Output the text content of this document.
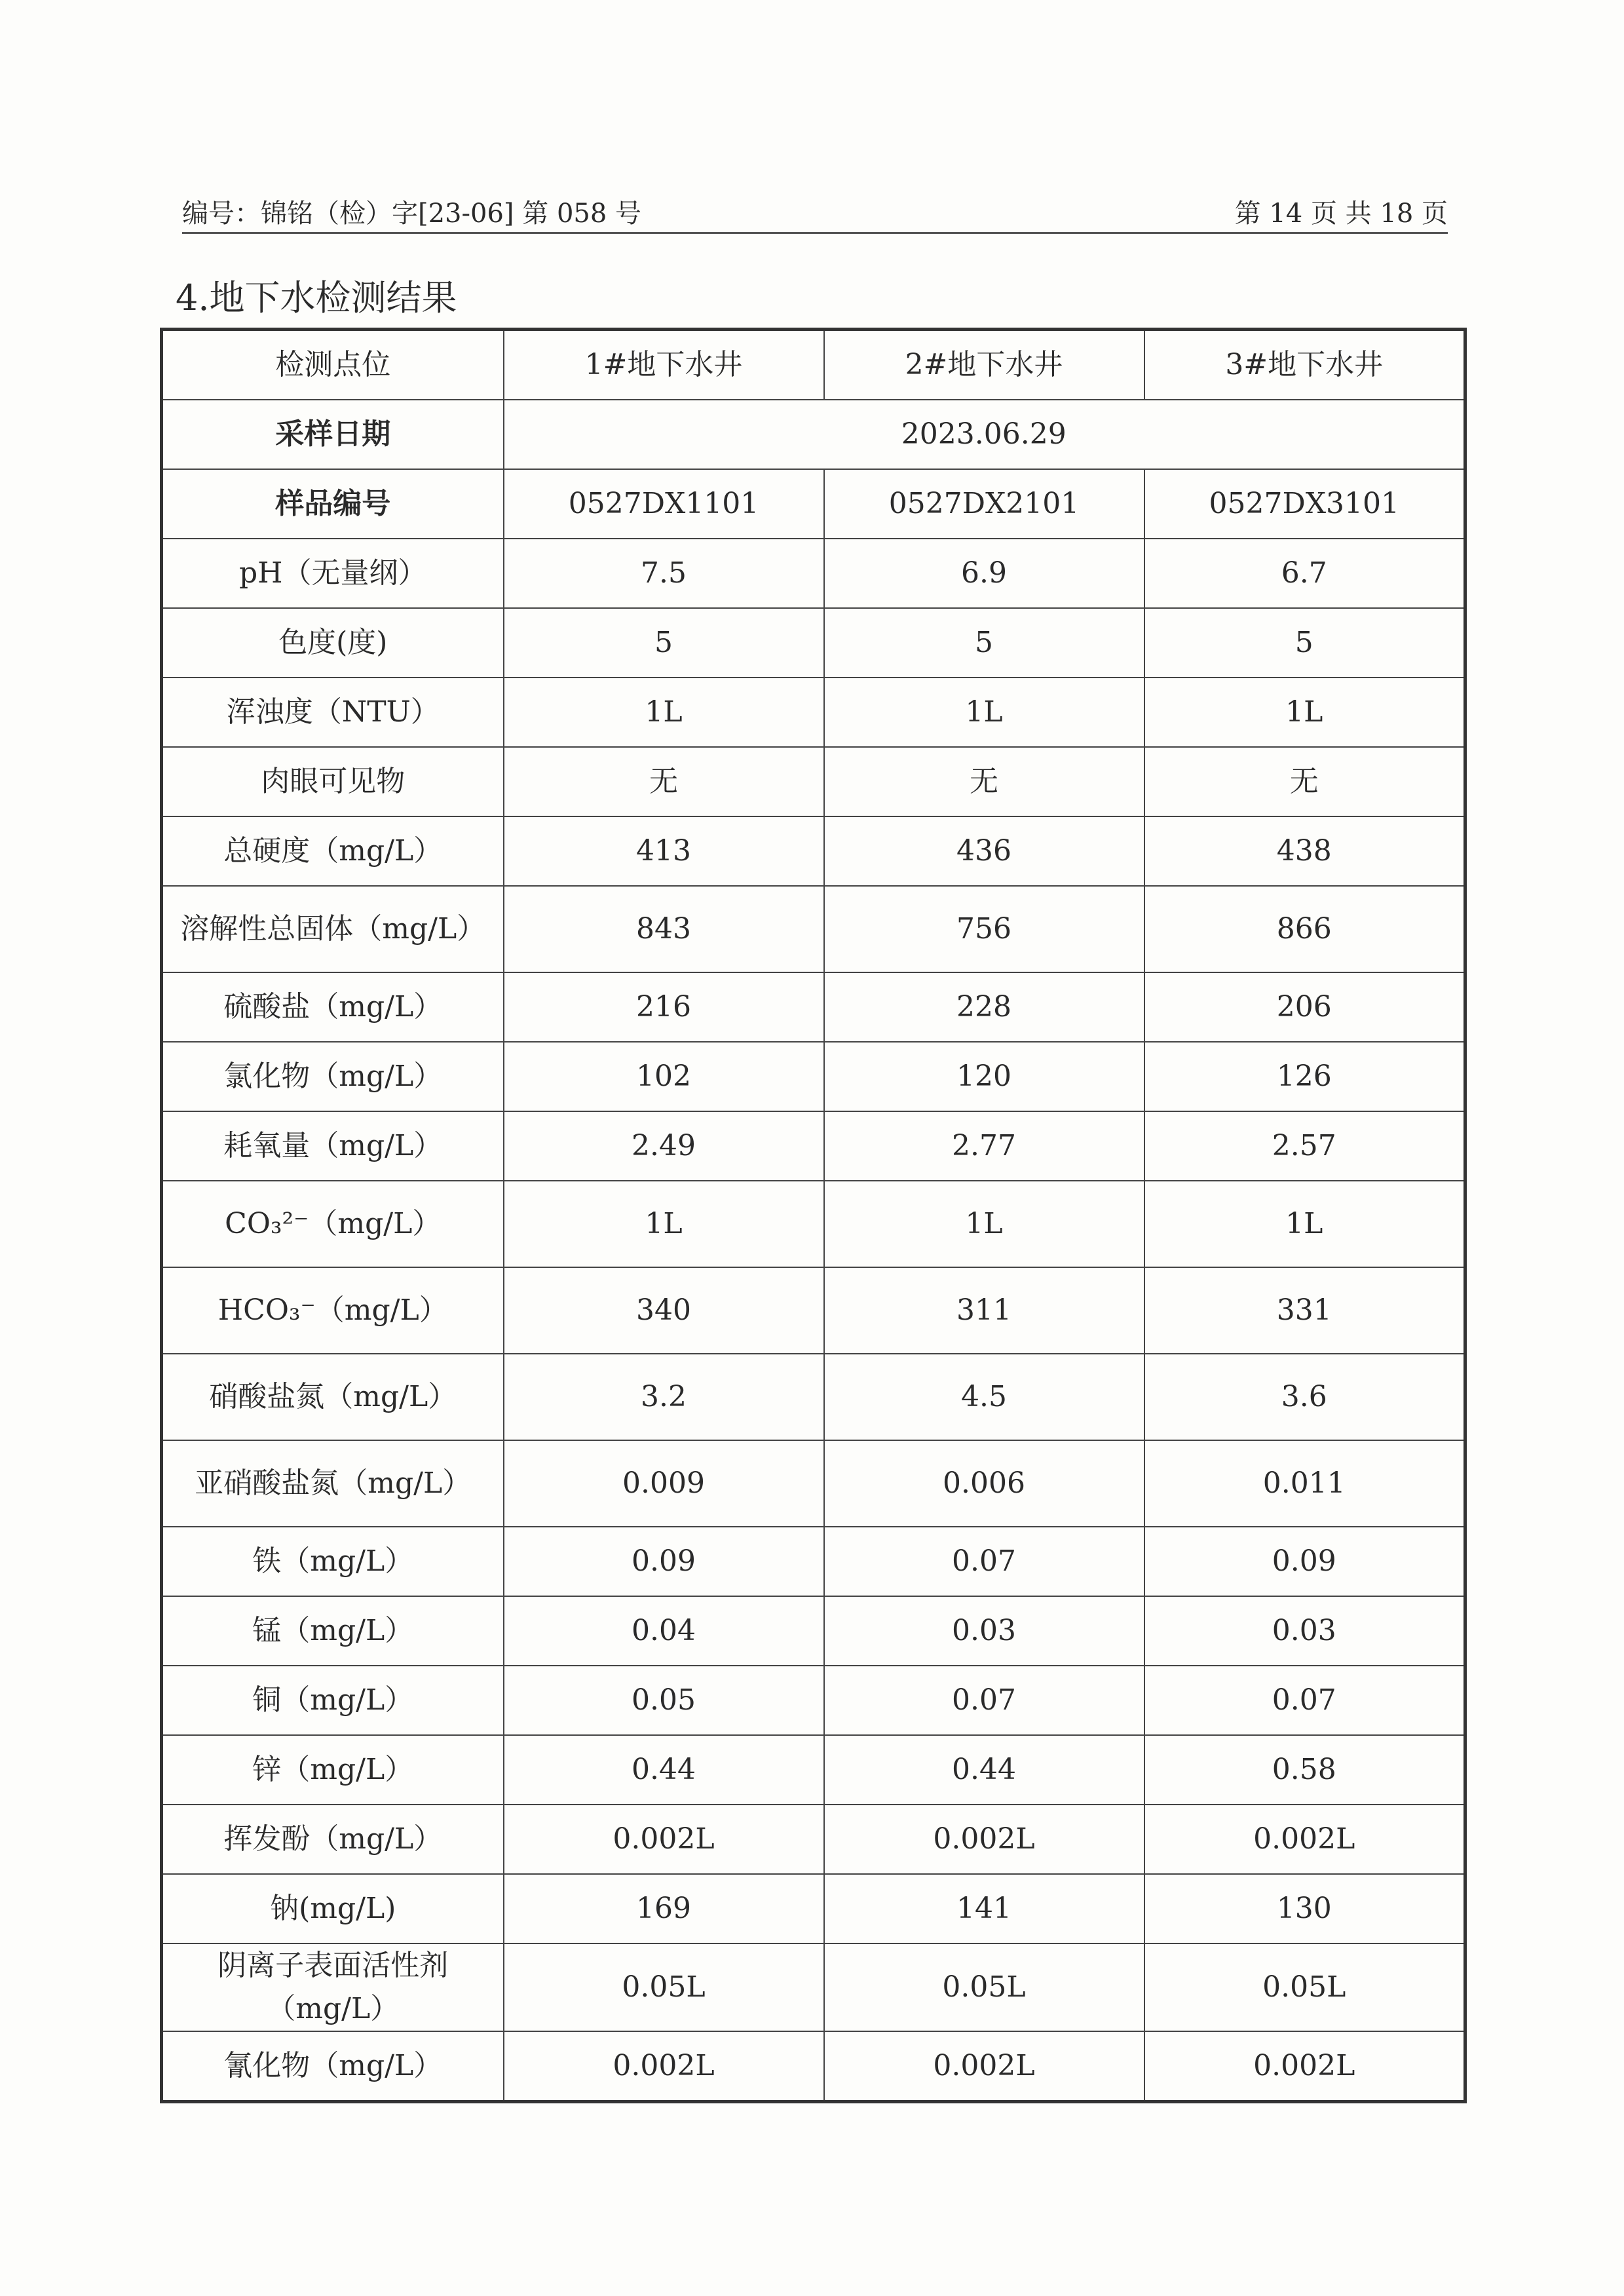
编号：锦铭（检）字[23-06] 第 058 号	第 14 页 共 18 页
4.地下水检测结果
检测点位	1#地下水井	2#地下水井	3#地下水井
采样日期	2023.06.29		
样品编号	0527DX1101	0527DX2101	0527DX3101
pH（无量纲）	7.5	6.9	6.7
色度(度)	5	5	5
浑浊度（NTU）	1L	1L	1L
肉眼可见物	无	无	无
总硬度（mg/L）	413	436	438
溶解性总固体（mg/L）	843	756	866
硫酸盐（mg/L）	216	228	206
氯化物（mg/L）	102	120	126
耗氧量（mg/L）	2.49	2.77	2.57
CO₃²⁻（mg/L）	1L	1L	1L
HCO₃⁻（mg/L）	340	311	331
硝酸盐氮（mg/L）	3.2	4.5	3.6
亚硝酸盐氮（mg/L）	0.009	0.006	0.011
铁（mg/L）	0.09	0.07	0.09
锰（mg/L）	0.04	0.03	0.03
铜（mg/L）	0.05	0.07	0.07
锌（mg/L）	0.44	0.44	0.58
挥发酚（mg/L）	0.002L	0.002L	0.002L
钠(mg/L)	169	141	130
阴离子表面活性剂（mg/L）	0.05L	0.05L	0.05L
氰化物（mg/L）	0.002L	0.002L	0.002L
